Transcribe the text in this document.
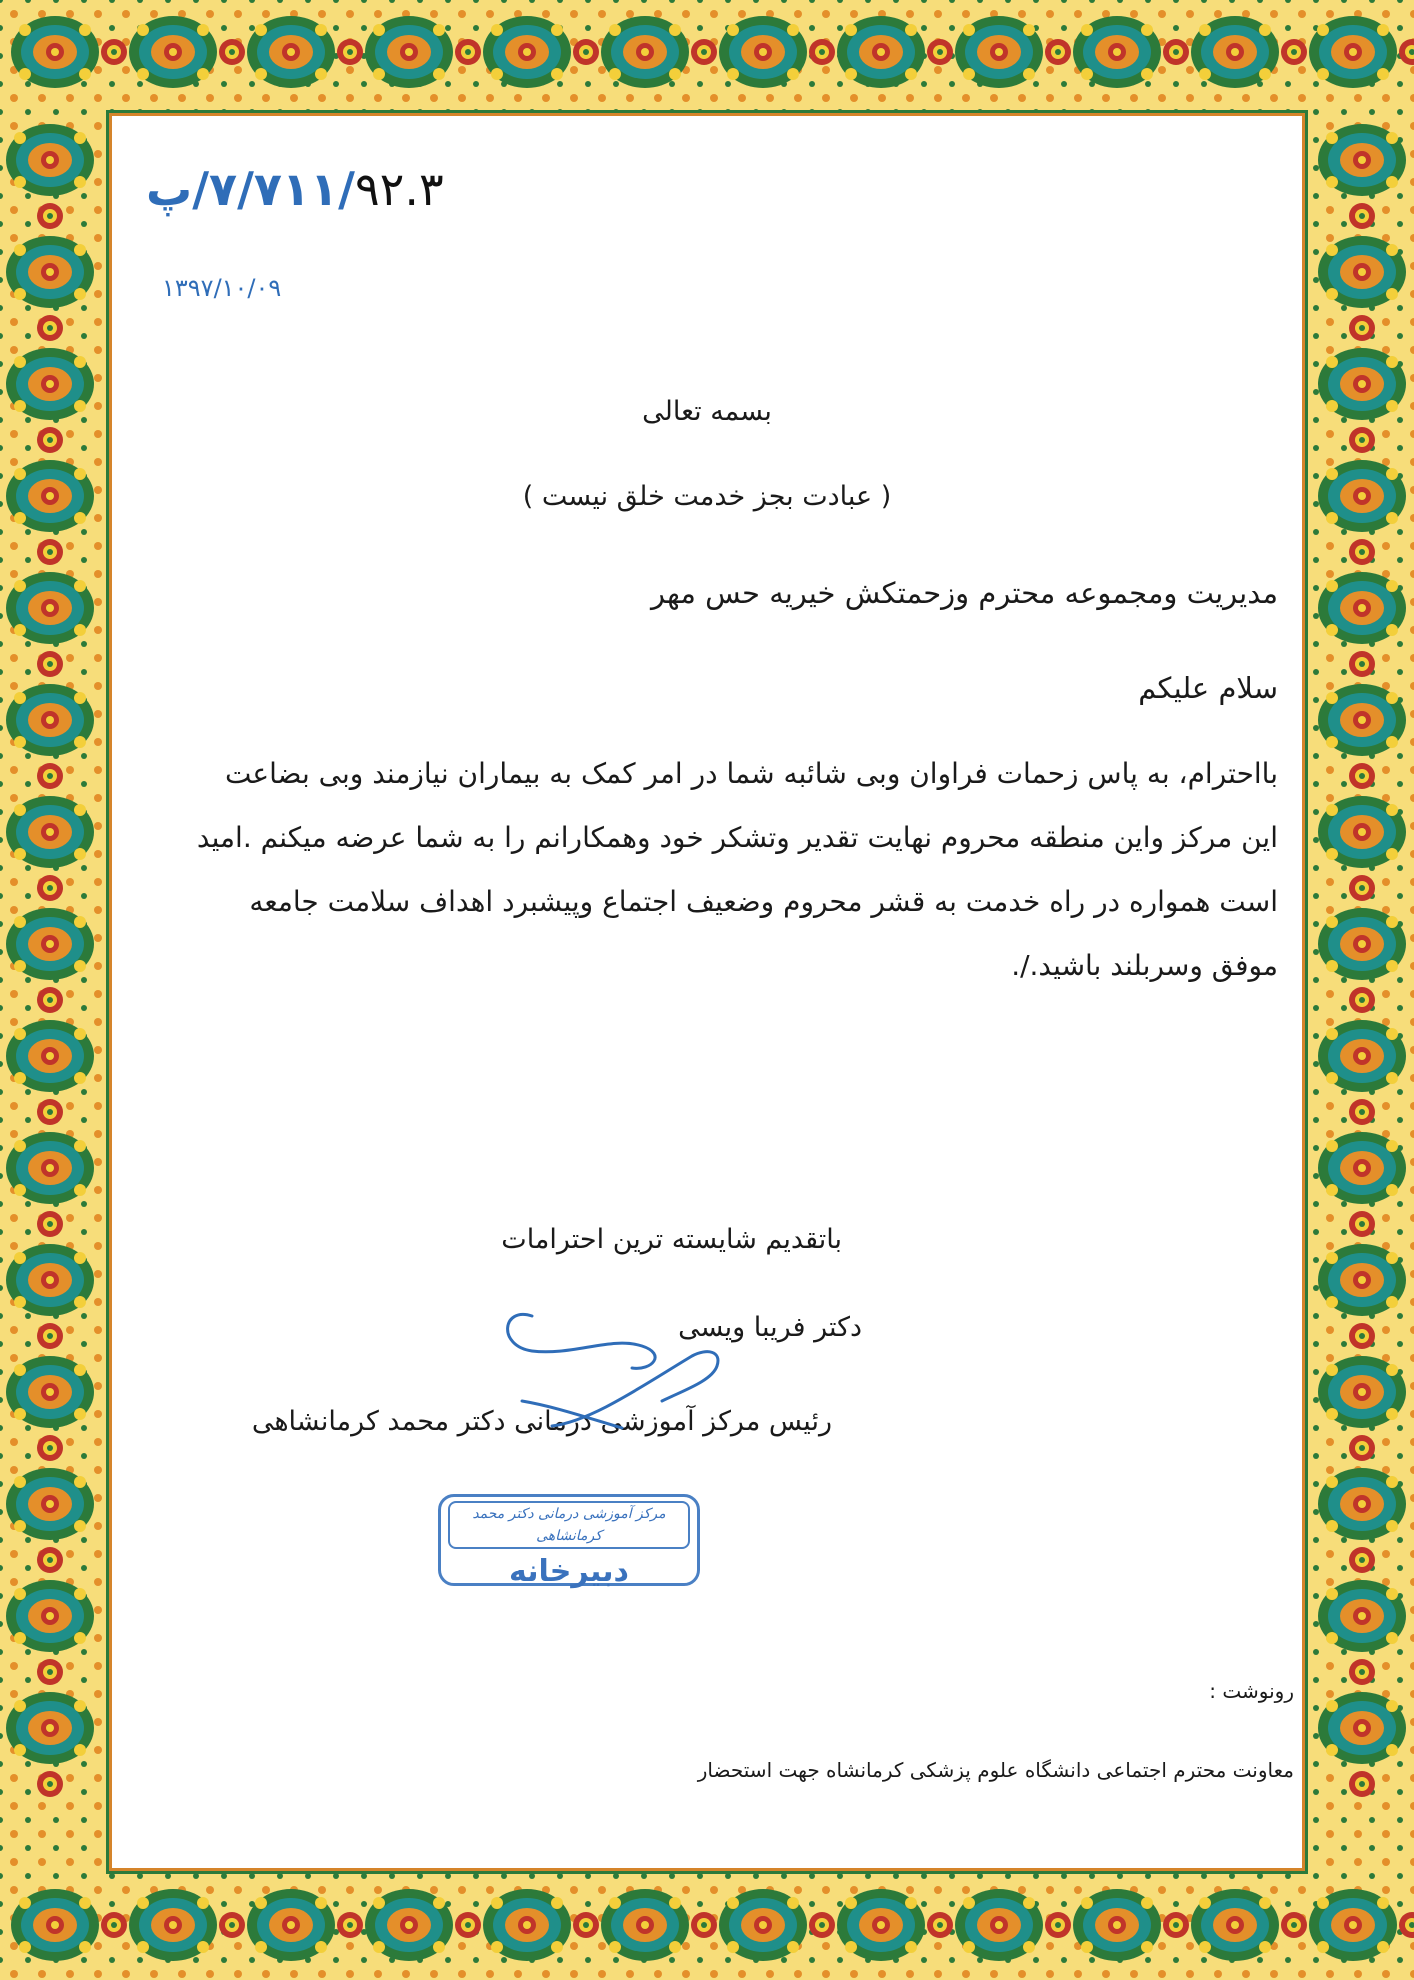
پ/۷/۷۱۱/۹۲.۳
۱۳۹۷/۱۰/۰۹
بسمه تعالی
( عبادت بجز خدمت خلق نیست )
مدیریت ومجموعه محترم وزحمتکش خیریه حس مهر
سلام علیکم
بااحترام، به پاس زحمات فراوان وبی شائبه شما در امر کمک به بیماران نیازمند وبی بضاعت
این مرکز واین منطقه محروم نهایت تقدیر وتشکر خود وهمکارانم را به شما عرضه میکنم .امید
است همواره در راه خدمت به قشر محروم وضعیف اجتماع وپیشبرد اهداف سلامت جامعه
موفق وسربلند باشید./.
باتقدیم شایسته ترین احترامات
دکتر فریبا ویسی
رئیس مرکز آموزشی درمانی دکتر محمد کرمانشاهی
مرکز آموزشی درمانی دکتر محمد کرمانشاهی
دبیرخانه
رونوشت :
معاونت محترم اجتماعی دانشگاه علوم پزشکی کرمانشاه جهت استحضار
